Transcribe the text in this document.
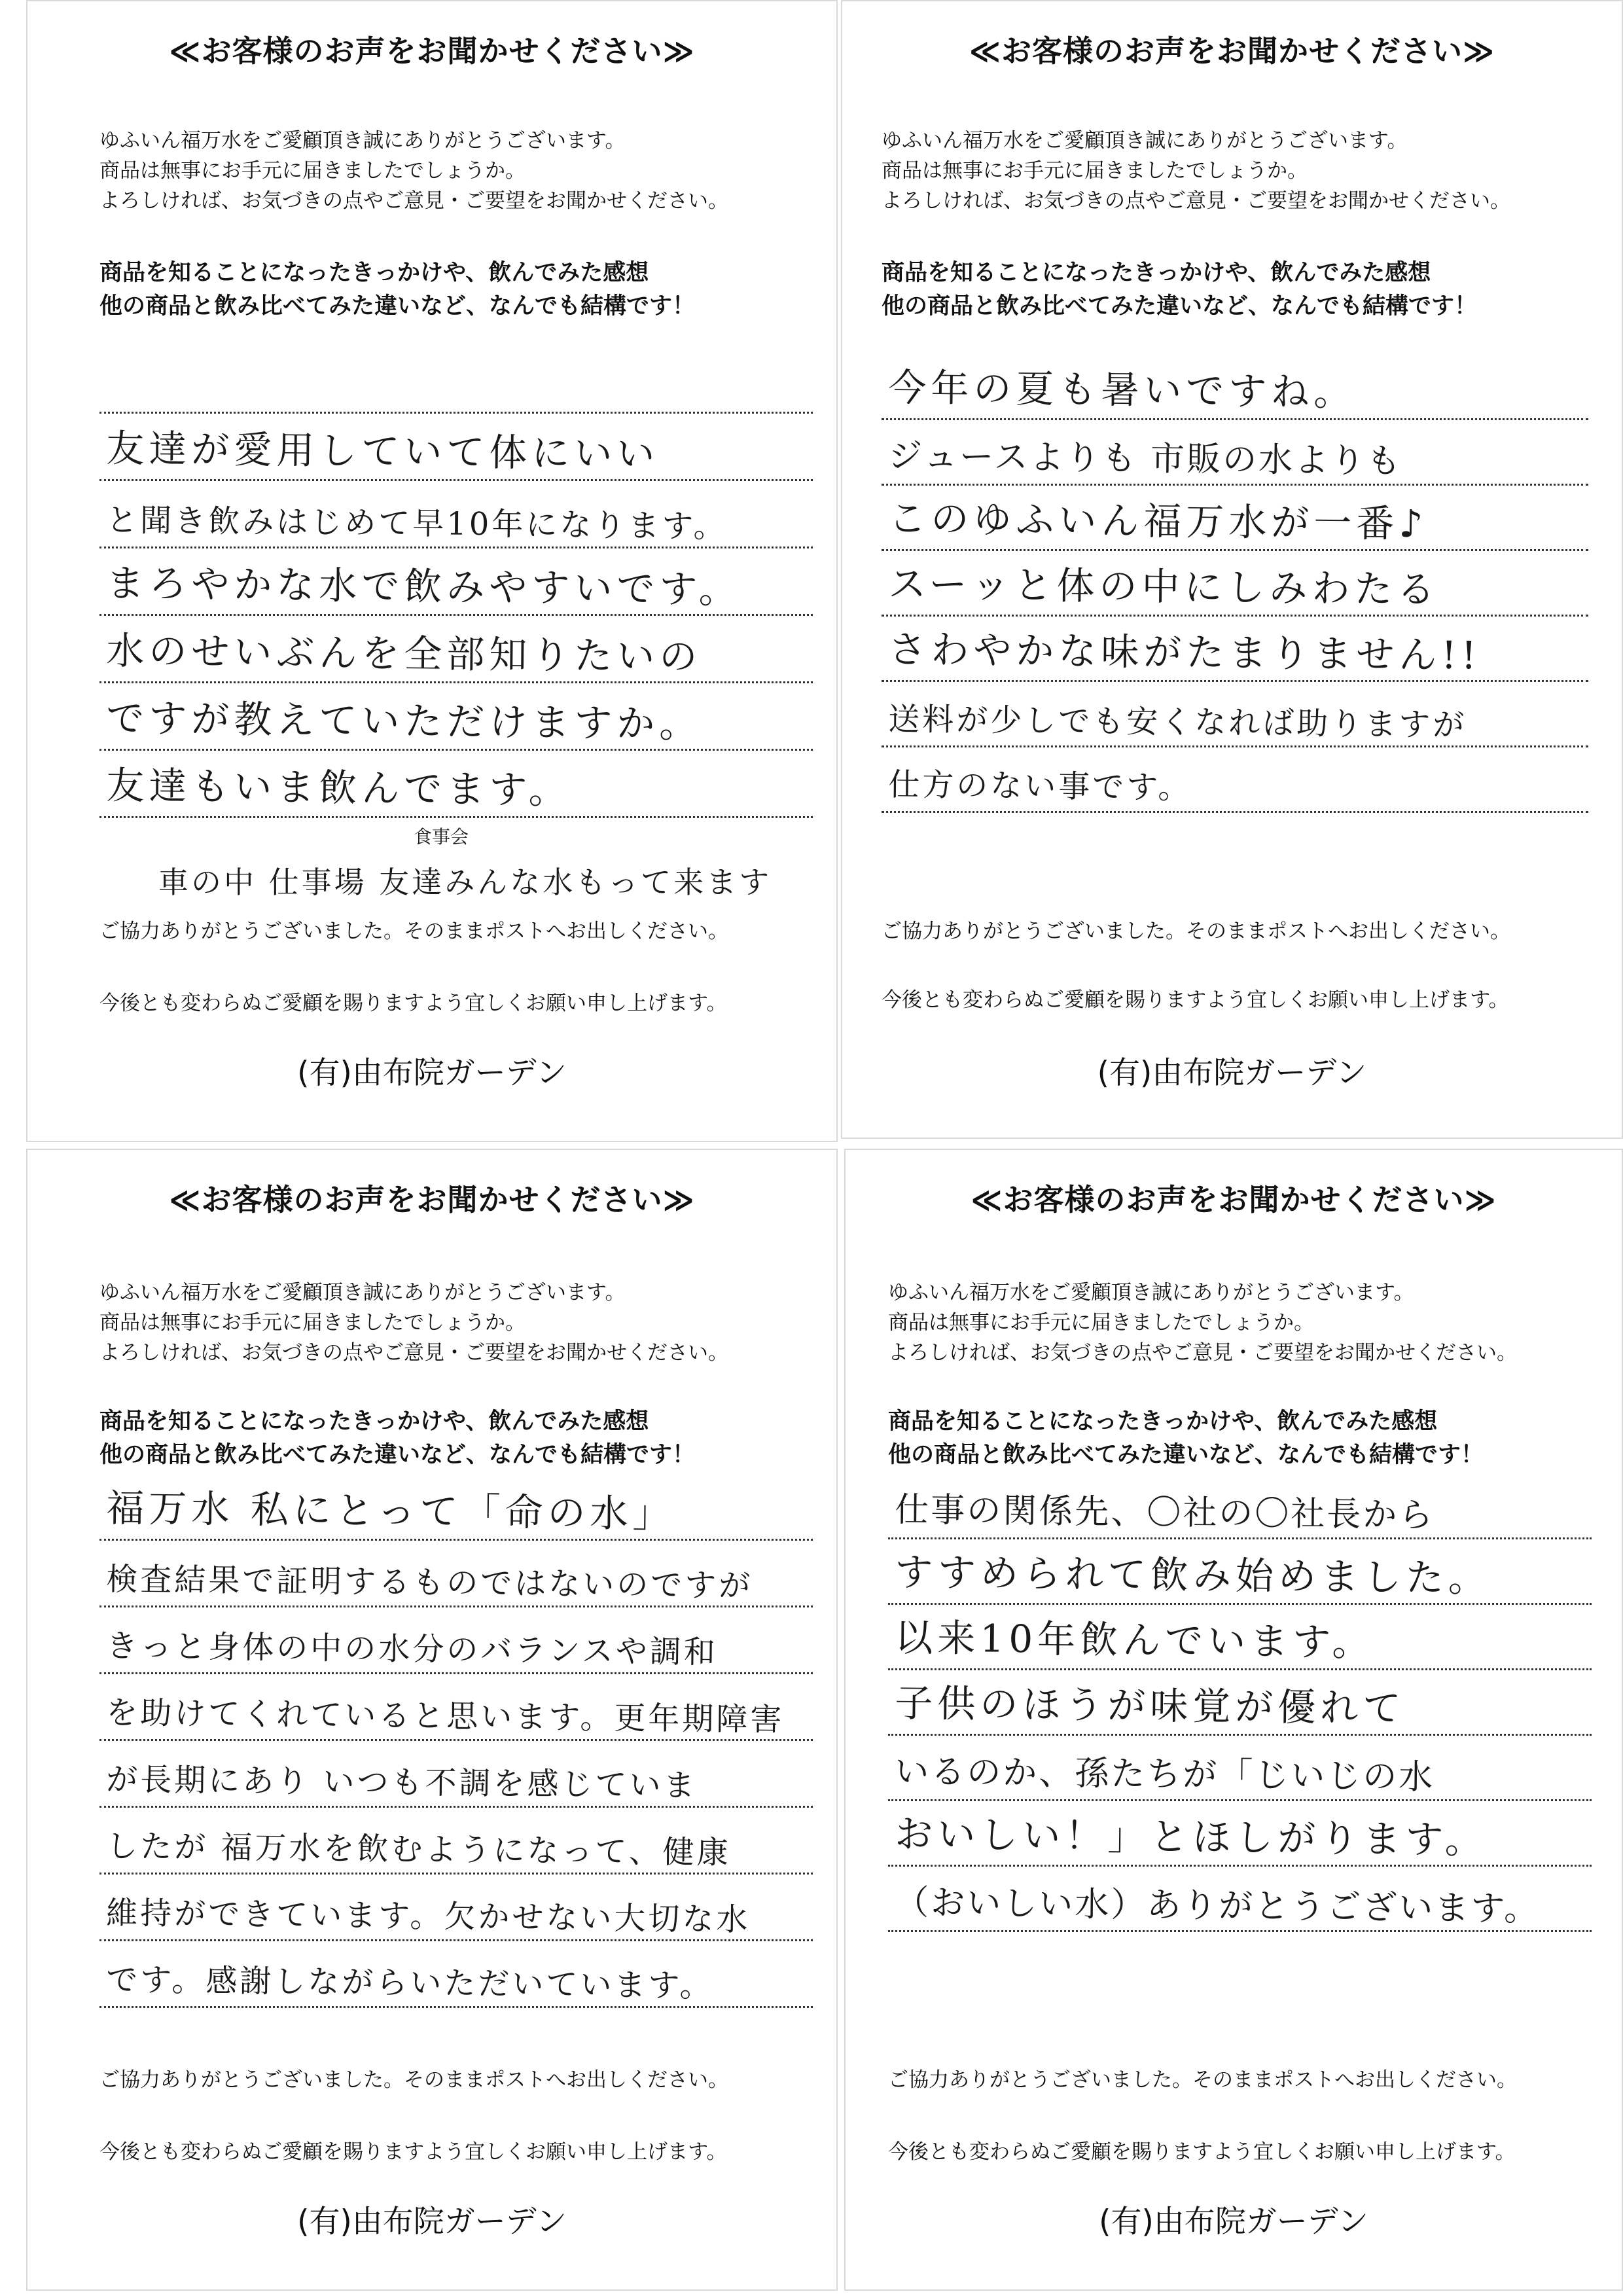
≪お客様のお声をお聞かせください≫
ゆふいん福万水をご愛顧頂き誠にありがとうございます。
商品は無事にお手元に届きましたでしょうか。
よろしければ、お気づきの点やご意見・ご要望をお聞かせください。
商品を知ることになったきっかけや、飲んでみた感想
他の商品と飲み比べてみた違いなど、なんでも結構です！
友達が愛用していて体にいい
と聞き飲みはじめて早10年になります。
まろやかな水で飲みやすいです。
水のせいぶんを全部知りたいの
ですが教えていただけますか。
友達もいま飲んでます。
食事会
車の中 仕事場 友達みんな水もって来ます
ご協力ありがとうございました。そのままポストへお出しください。
今後とも変わらぬご愛顧を賜りますよう宜しくお願い申し上げます。
(有)由布院ガーデン
≪お客様のお声をお聞かせください≫
ゆふいん福万水をご愛顧頂き誠にありがとうございます。
商品は無事にお手元に届きましたでしょうか。
よろしければ、お気づきの点やご意見・ご要望をお聞かせください。
商品を知ることになったきっかけや、飲んでみた感想
他の商品と飲み比べてみた違いなど、なんでも結構です！
今年の夏も暑いですね。
ジュースよりも 市販の水よりも
このゆふいん福万水が一番♪
スーッと体の中にしみわたる
さわやかな味がたまりません!!
送料が少しでも安くなれば助りますが
仕方のない事です。
ご協力ありがとうございました。そのままポストへお出しください。
今後とも変わらぬご愛顧を賜りますよう宜しくお願い申し上げます。
(有)由布院ガーデン
≪お客様のお声をお聞かせください≫
ゆふいん福万水をご愛顧頂き誠にありがとうございます。
商品は無事にお手元に届きましたでしょうか。
よろしければ、お気づきの点やご意見・ご要望をお聞かせください。
商品を知ることになったきっかけや、飲んでみた感想
他の商品と飲み比べてみた違いなど、なんでも結構です！
福万水 私にとって「命の水」
検査結果で証明するものではないのですが
きっと身体の中の水分のバランスや調和
を助けてくれていると思います。更年期障害
が長期にあり いつも不調を感じていま
したが 福万水を飲むようになって、健康
維持ができています。欠かせない大切な水
です。感謝しながらいただいています。
ご協力ありがとうございました。そのままポストへお出しください。
今後とも変わらぬご愛顧を賜りますよう宜しくお願い申し上げます。
(有)由布院ガーデン
≪お客様のお声をお聞かせください≫
ゆふいん福万水をご愛顧頂き誠にありがとうございます。
商品は無事にお手元に届きましたでしょうか。
よろしければ、お気づきの点やご意見・ご要望をお聞かせください。
商品を知ることになったきっかけや、飲んでみた感想
他の商品と飲み比べてみた違いなど、なんでも結構です！
仕事の関係先、〇社の〇社長から
すすめられて飲み始めました。
以来10年飲んでいます。
子供のほうが味覚が優れて
いるのか、孫たちが「じいじの水
おいしい！」とほしがります。
（おいしい水）ありがとうございます。
ご協力ありがとうございました。そのままポストへお出しください。
今後とも変わらぬご愛顧を賜りますよう宜しくお願い申し上げます。
(有)由布院ガーデン
